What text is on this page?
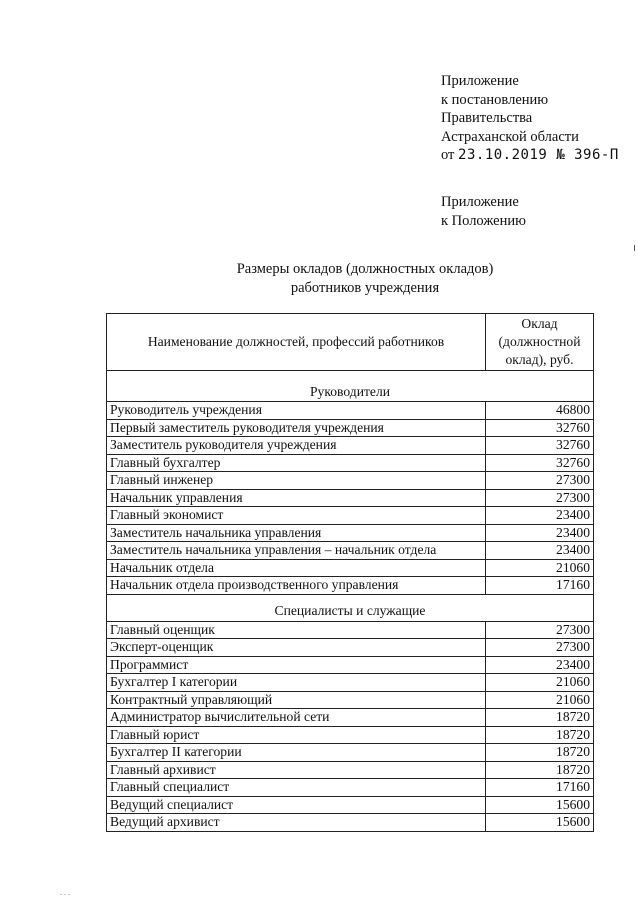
Приложение
к постановлению
Правительства
Астраханской области
от 23.10.2019 № 396-П
Приложение
к Положению
Размеры окладов (должностных окладов)
работников учреждения
Наименование должностей, профессий работников	Оклад (должностной оклад), руб.
Руководители	
Руководитель учреждения	46800
Первый заместитель руководителя учреждения	32760
Заместитель руководителя учреждения	32760
Главный бухгалтер	32760
Главный инженер	27300
Начальник управления	27300
Главный экономист	23400
Заместитель начальника управления	23400
Заместитель начальника управления – начальник отдела	23400
Начальник отдела	21060
Начальник отдела производственного управления	17160
Специалисты и служащие	
Главный оценщик	27300
Эксперт-оценщик	27300
Программист	23400
Бухгалтер I категории	21060
Контрактный управляющий	21060
Администратор вычислительной сети	18720
Главный юрист	18720
Бухгалтер II категории	18720
Главный архивист	18720
Главный специалист	17160
Ведущий специалист	15600
Ведущий архивист	15600
. . .
